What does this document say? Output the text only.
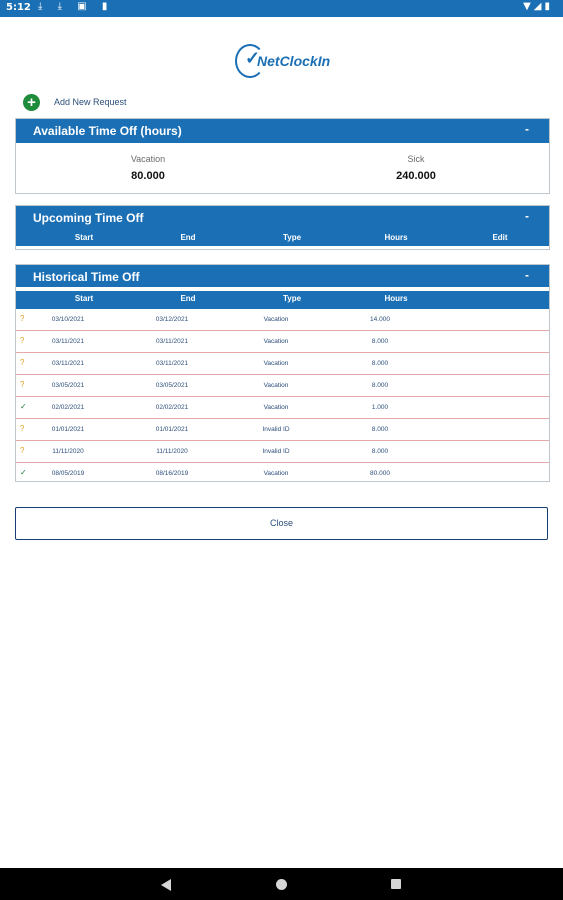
5:12 ⤓ ⤓ ▣ ▮	▼◢▮
✓
NetClockIn
+	Add New Request
Available Time Off (hours)	-
Vacation
80.000
Sick
240.000
Upcoming Time Off	-
Start	End	Type	Hours	Edit
Historical Time Off	-
Start	End	Type	Hours
?	03/10/2021	03/12/2021	Vacation	14.000
?	03/11/2021	03/11/2021	Vacation	8.000
?	03/11/2021	03/11/2021	Vacation	8.000
?	03/05/2021	03/05/2021	Vacation	8.000
✓	02/02/2021	02/02/2021	Vacation	1.000
?	01/01/2021	01/01/2021	Invalid ID	8.000
?	11/11/2020	11/11/2020	Invalid ID	8.000
✓	08/05/2019	08/16/2019	Vacation	80.000
Close
